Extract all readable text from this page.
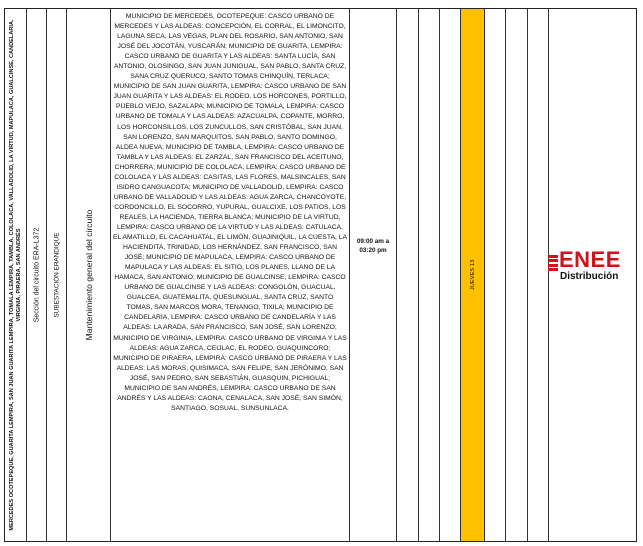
MERCEDES OCOTEPEQUE, GUARITA LEMPIRA, SAN JUAN GUARITA LEMPIRA, TOMALA LEMPIRA, TAMBLA, COLOLACA, VALLADOLID, LA VIRTUD, MAPULACA, GUALCINSE, CANDELARIA, VIRGINIA, PIRAERA, SAN ANDRÉS Sección del circuito ERA-L372 SUBESTACIÓN ERANDIQUE	Mantenimiento general del circuito
MUNICIPIO DE MERCEDES, OCOTEPEQUE: CASCO URBANO DE MERCEDES Y LAS ALDEAS: CONCEPCIÓN, EL CORRAL, EL LIMONCITO, LAGUNA SECA, LAS VEGAS, PLAN DEL ROSARIO, SAN ANTONIO, SAN JOSÉ DEL JOCOTÁN, YUSCARÁN; MUNICIPIO DE GUARITA, LEMPIRA: CASCO URBANO DE GUARITA Y LAS ALDEAS: SANTA LUCÍA, SAN ANTONIO, OLOSINGO, SAN JUAN JUNIGUAL, SAN PABLO, SANTA CRUZ, SANA CRUZ QUERUCO, SANTO TOMAS CHINQUÍN, TERLACA; MUNICIPIO DE SAN JUAN GUARITA, LEMPIRA: CASCO URBANO DE SAN JUAN GUARITA Y LAS ALDEAS: EL RODEO, LOS HORCONES, PORTILLO, PUEBLO VIEJO, SAZALAPA; MUNICIPIO DE TOMALA, LEMPIRA: CASCO URBANO DE TOMALA Y LAS ALDEAS: AZACUALPA, COPANTE, MORRO, LOS HORCONSILLOS, LOS ZUNCULLOS, SAN CRISTÓBAL, SAN JUAN, SAN LORENZO, SAN MARQUITOS, SAN PABLO, SANTO DOMINGO, ALDEA NUEVA; MUNICIPIO DE TAMBLA, LEMPIRA: CASCO URBANO DE TAMBLA Y LAS ALDEAS: EL ZARZAL, SAN FRANCISCO DEL ACEITUNO, CHORRERA; MUNICIPIO DE COLOLACA, LEMPIRA: CASCO URBANO DE COLOLACA Y LAS ALDEAS: CASITAS, LAS FLORES, MALSINCALES, SAN ISIDRO CANGUACOTA; MUNICIPIO DE VALLADOLID, LEMPIRA: CASCO URBANO DE VALLADOLID Y LAS ALDEAS: AGUA ZARCA, CHANCOYOTE, CORDONCILLO, EL SOCORRO, YUPURAL, GUALCIXE, LOS PATIOS, LOS REALES, LA HACIENDA, TIERRA BLANCA; MUNICIPIO DE LA VIRTUD, LEMPIRA: CASCO URBANO DE LA VIRTUD Y LAS ALDEAS: CATULACA, EL AMATILLO, EL CACAHUATAL, EL LIMÓN, GUAJINIQUIL, LA CUESTA, LA HACIENDITA, TRINIDAD, LOS HERNÁNDEZ, SAN FRANCISCO, SAN JOSÉ; MUNICIPIO DE MAPULACA, LEMPIRA: CASCO URBANO DE MAPULACA Y LAS ALDEAS: EL SITIO, LOS PLANES, LLANO DE LA HAMACA, SAN ANTONIO; MUNICIPIO DE GUALCINSE, LEMPIRA: CASCO URBANO DE GUALCINSE Y LAS ALDEAS: CONGOLÓN, GUACUAL, GUALCEA, GUATEMALITA, QUESUNGUAL, SANTA CRUZ, SANTO TOMAS, SAN MARCOS MORA, TENANGO, TIXILA; MUNICIPIO DE CANDELARIA, LEMPIRA: CASCO URBANO DE CANDELARÍA Y LAS ALDEAS: LA ARADA, SAN FRANCISCO, SAN JOSÉ, SAN LORENZO; MUNICIPIO DE VIRGINIA, LEMPIRA: CASCO URBANO DE VIRGINIA Y LAS ALDEAS: AGUA ZARCA, CEIJLAC, EL RODEO, GUAQUINCORO; MUNICIPIO DE PIRAERA, LEMPIRA: CASCO URBANO DE PIRAERA Y LAS ALDEAS: LAS MORAS, QUISIMACA, SAN FELIPE, SAN JERÓNIMO, SAN JOSÉ, SAN PEDRO, SAN SEBASTIÁN, GUASQUIN, PICHIGUAL; MUNICIPIO DE SAN ANDRÉS, LEMPIRA: CASCO URBANO DE SAN ANDRÉS Y LAS ALDEAS: CAONA, CENALACA, SAN JOSÉ, SAN SIMÓN, SANTIAGO, SOSUAL, SUNSUNLACA.
09:00 am a 03:20 pm
JUEVES 13
ENEE
Distribución
